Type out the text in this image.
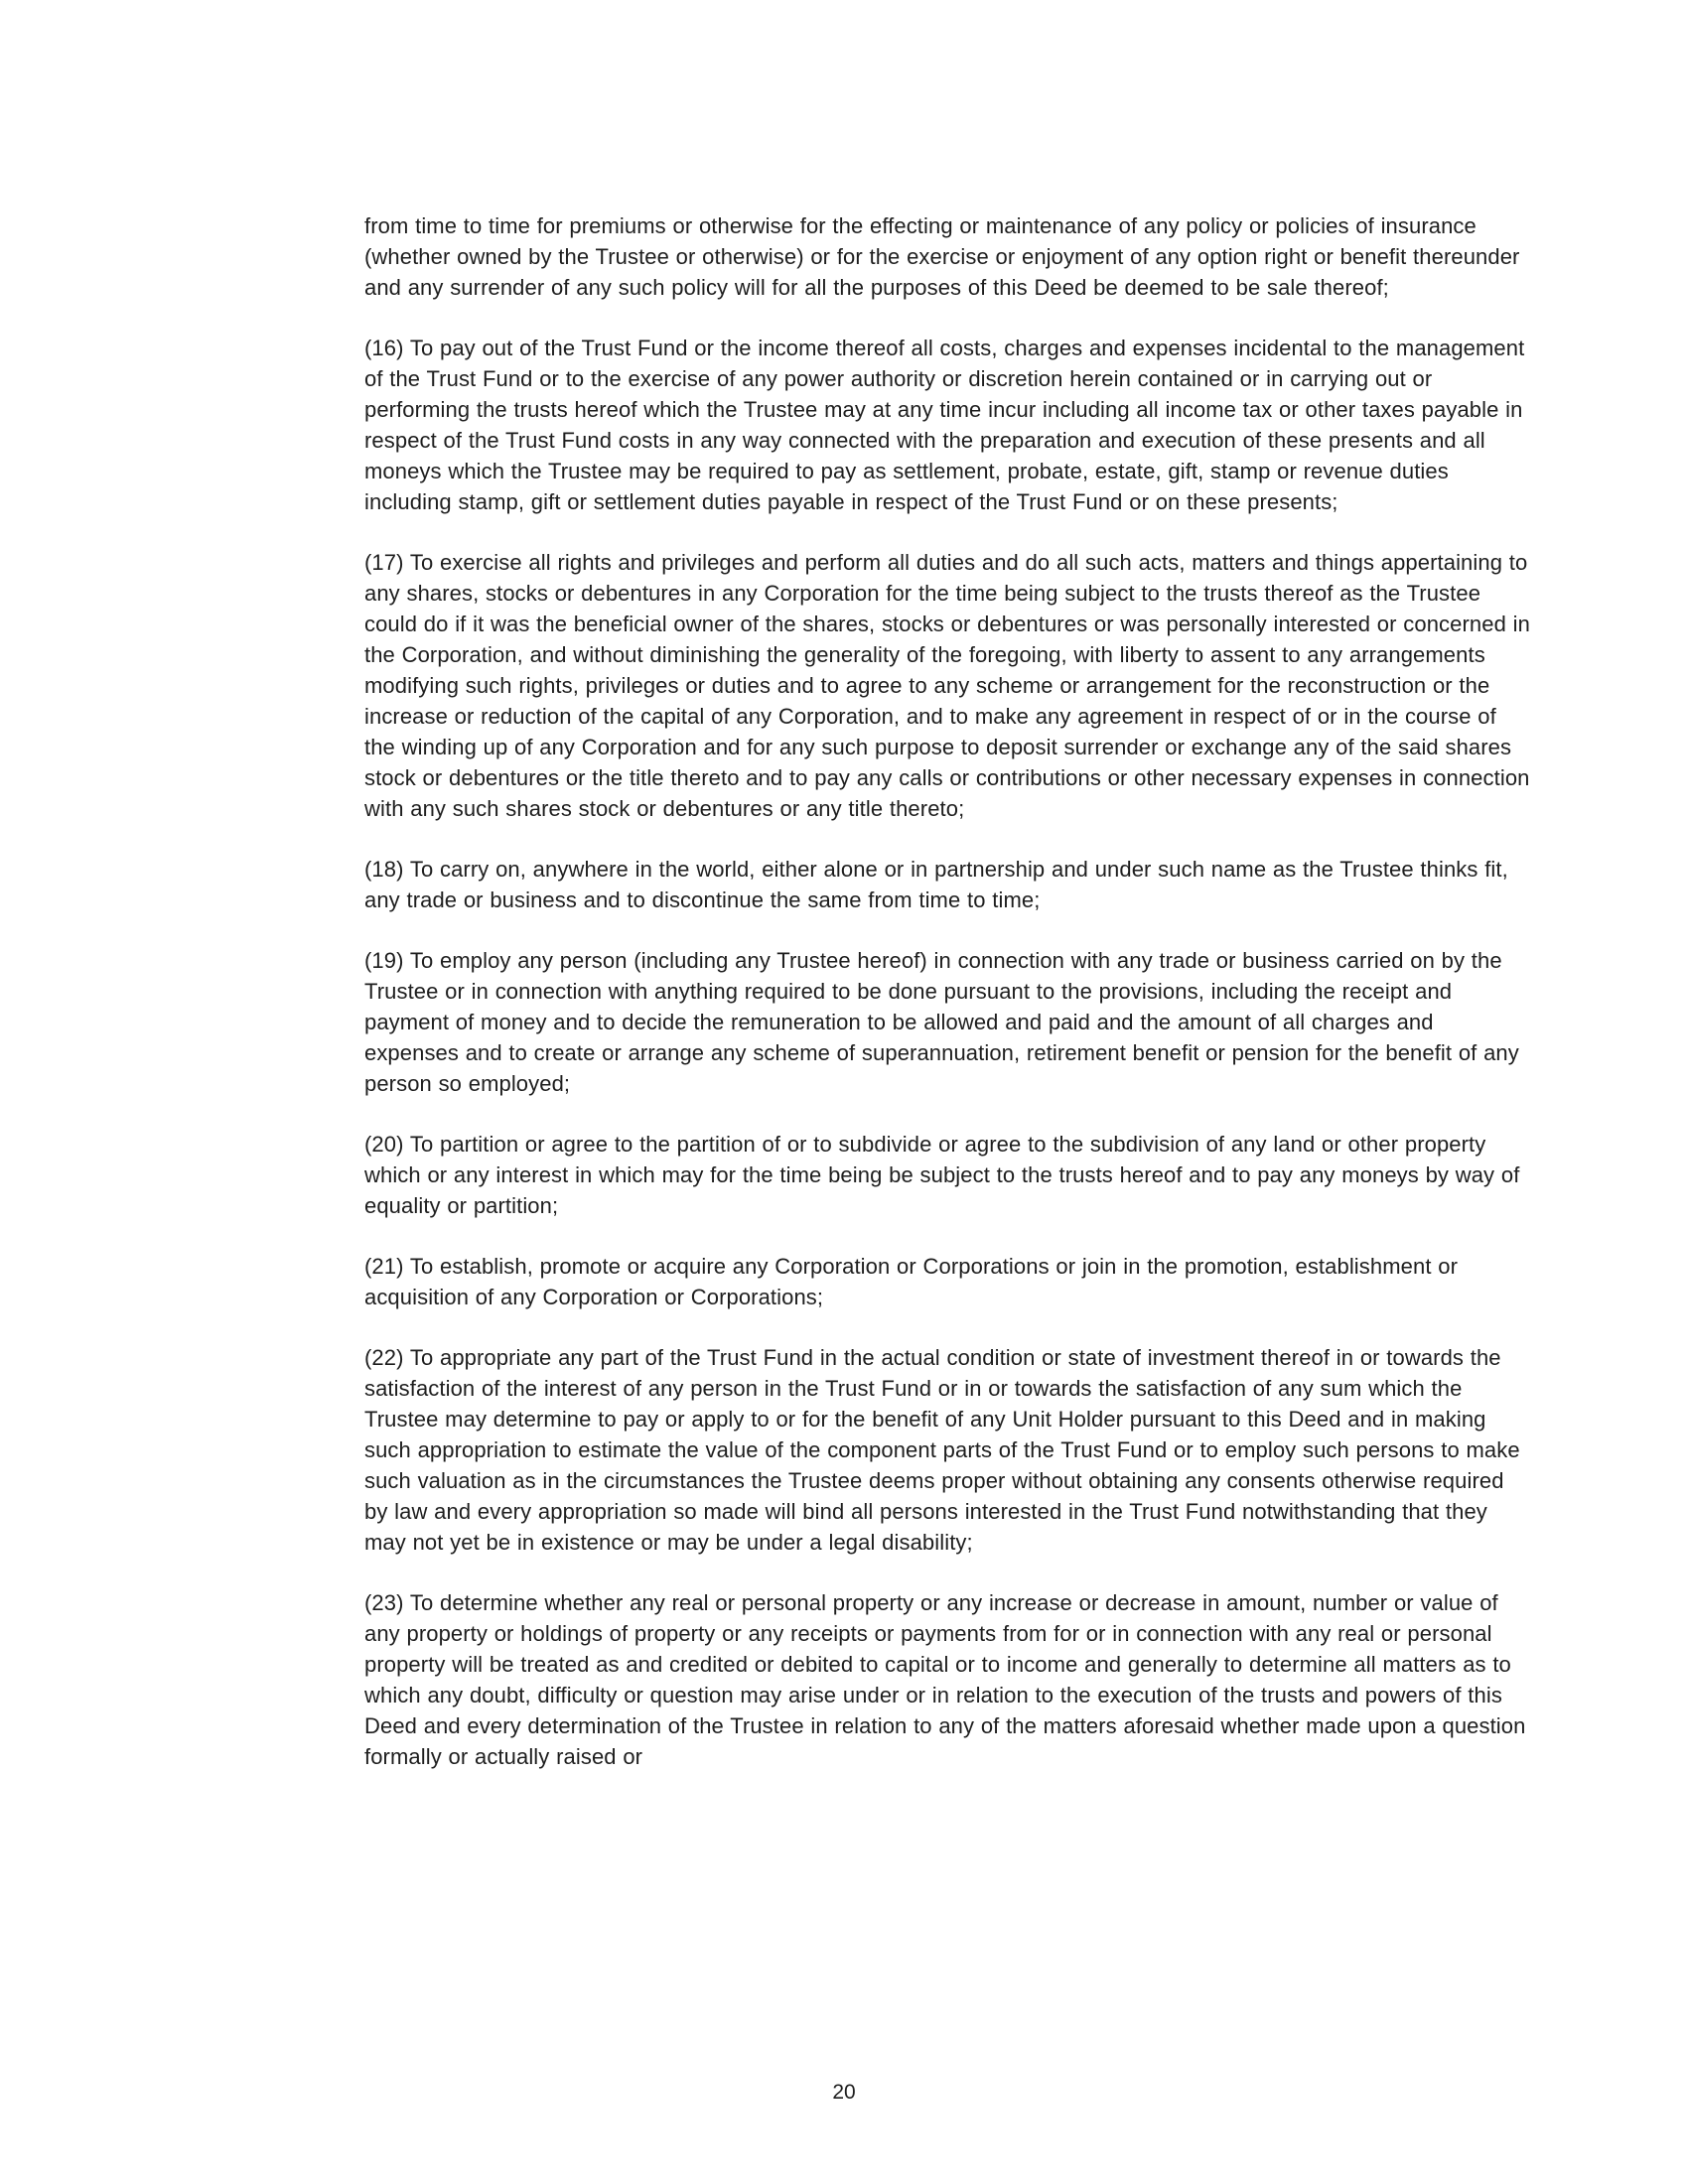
from time to time for premiums or otherwise for the effecting or maintenance of any policy or policies of insurance (whether owned by the Trustee or otherwise) or for the exercise or enjoyment of any option right or benefit thereunder and any surrender of any such policy will for all the purposes of this Deed be deemed to be sale thereof;

(16) To pay out of the Trust Fund or the income thereof all costs, charges and expenses incidental to the management of the Trust Fund or to the exercise of any power authority or discretion herein contained or in carrying out or performing the trusts hereof which the Trustee may at any time incur including all income tax or other taxes payable in respect of the Trust Fund costs in any way connected with the preparation and execution of these presents and all moneys which the Trustee may be required to pay as settlement, probate, estate, gift, stamp or revenue duties including stamp, gift or settlement duties payable in respect of the Trust Fund or on these presents;

(17) To exercise all rights and privileges and perform all duties and do all such acts, matters and things appertaining to any shares, stocks or debentures in any Corporation for the time being subject to the trusts thereof as the Trustee could do if it was the beneficial owner of the shares, stocks or debentures or was personally interested or concerned in the Corporation, and without diminishing the generality of the foregoing, with liberty to assent to any arrangements modifying such rights, privileges or duties and to agree to any scheme or arrangement for the reconstruction or the increase or reduction of the capital of any Corporation, and to make any agreement in respect of or in the course of the winding up of any Corporation and for any such purpose to deposit surrender or exchange any of the said shares stock or debentures or the title thereto and to pay any calls or contributions or other necessary expenses in connection with any such shares stock or debentures or any title thereto;

(18) To carry on, anywhere in the world, either alone or in partnership and under such name as the Trustee thinks fit, any trade or business and to discontinue the same from time to time;

(19) To employ any person (including any Trustee hereof) in connection with any trade or business carried on by the Trustee or in connection with anything required to be done pursuant to the provisions, including the receipt and payment of money and to decide the remuneration to be allowed and paid and the amount of all charges and expenses and to create or arrange any scheme of superannuation, retirement benefit or pension for the benefit of any person so employed;

(20) To partition or agree to the partition of or to subdivide or agree to the subdivision of any land or other property which or any interest in which may for the time being be subject to the trusts hereof and to pay any moneys by way of equality or partition;

(21) To establish, promote or acquire any Corporation or Corporations or join in the promotion, establishment or acquisition of any Corporation or Corporations;

(22) To appropriate any part of the Trust Fund in the actual condition or state of investment thereof in or towards the satisfaction of the interest of any person in the Trust Fund or in or towards the satisfaction of any sum which the Trustee may determine to pay or apply to or for the benefit of any Unit Holder pursuant to this Deed and in making such appropriation to estimate the value of the component parts of the Trust Fund or to employ such persons to make such valuation as in the circumstances the Trustee deems proper without obtaining any consents otherwise required by law and every appropriation so made will bind all persons interested in the Trust Fund notwithstanding that they may not yet be in existence or may be under a legal disability;

(23) To determine whether any real or personal property or any increase or decrease in amount, number or value of any property or holdings of property or any receipts or payments from for or in connection with any real or personal property will be treated as and credited or debited to capital or to income and generally to determine all matters as to which any doubt, difficulty or question may arise under or in relation to the execution of the trusts and powers of this Deed and every determination of the Trustee in relation to any of the matters aforesaid whether made upon a question formally or actually raised or

20
